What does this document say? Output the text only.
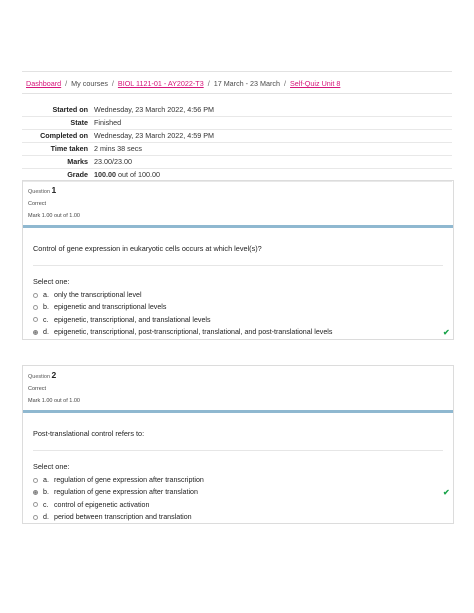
Dashboard / My courses / BIOL 1121-01 - AY2022-T3 / 17 March - 23 March / Self-Quiz Unit 8
Started on Wednesday, 23 March 2022, 4:56 PM
State Finished
Completed on Wednesday, 23 March 2022, 4:59 PM
Time taken 2 mins 38 secs
Marks 23.00/23.00
Grade 100.00 out of 100.00
Question 1
Correct
Mark 1.00 out of 1.00
Control of gene expression in eukaryotic cells occurs at which level(s)?
Select one:
a. only the transcriptional level
b. epigenetic and transcriptional levels
c. epigenetic, transcriptional, and translational levels
d. epigenetic, transcriptional, post-transcriptional, translational, and post-translational levels	✔
Question 2
Correct
Mark 1.00 out of 1.00
Post-translational control refers to:
Select one:
a. regulation of gene expression after transcription
b. regulation of gene expression after translation	✔
c. control of epigenetic activation
d. period between transcription and translation
